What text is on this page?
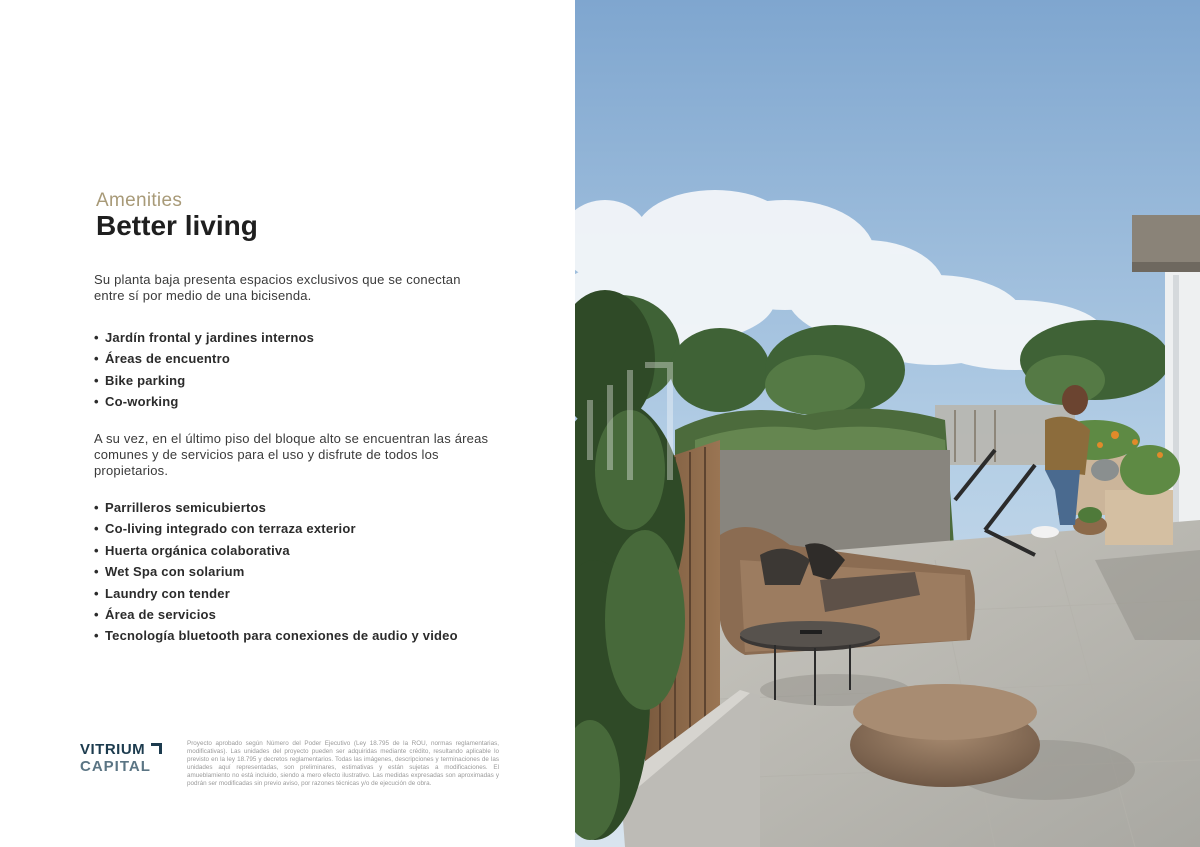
Amenities
Better living

Su planta baja presenta espacios exclusivos que se conectan entre sí por medio de una bicisenda.

• Jardín frontal y jardines internos
• Áreas de encuentro
• Bike parking
• Co-working

A su vez, en el último piso del bloque alto se encuentran las áreas comunes y de servicios para el uso y disfrute de todos los propietarios.

• Parrilleros semicubiertos
• Co-living integrado con terraza exterior
• Huerta orgánica colaborativa
• Wet Spa con solarium
• Laundry con tender
• Área de servicios
• Tecnología bluetooth para conexiones de audio y video
VITRIUM
CAPITAL

Proyecto aprobado según Número del Poder Ejecutivo (Ley 18.795 de la ROU, normas reglamentarias, modificativas). Las unidades del proyecto pueden ser adquiridas mediante crédito, resultando aplicable lo previsto en la ley 18.795 y decretos reglamentarios. Todas las imágenes, descripciones y terminaciones de las unidades aquí representadas, son preliminares, estimativas y están sujetas a modificaciones. El amueblamiento no está incluido, siendo a mero efecto ilustrativo. Las medidas expresadas son aproximadas y podrán ser modificadas sin previo aviso, por razones técnicas y/o de ejecución de obra.
